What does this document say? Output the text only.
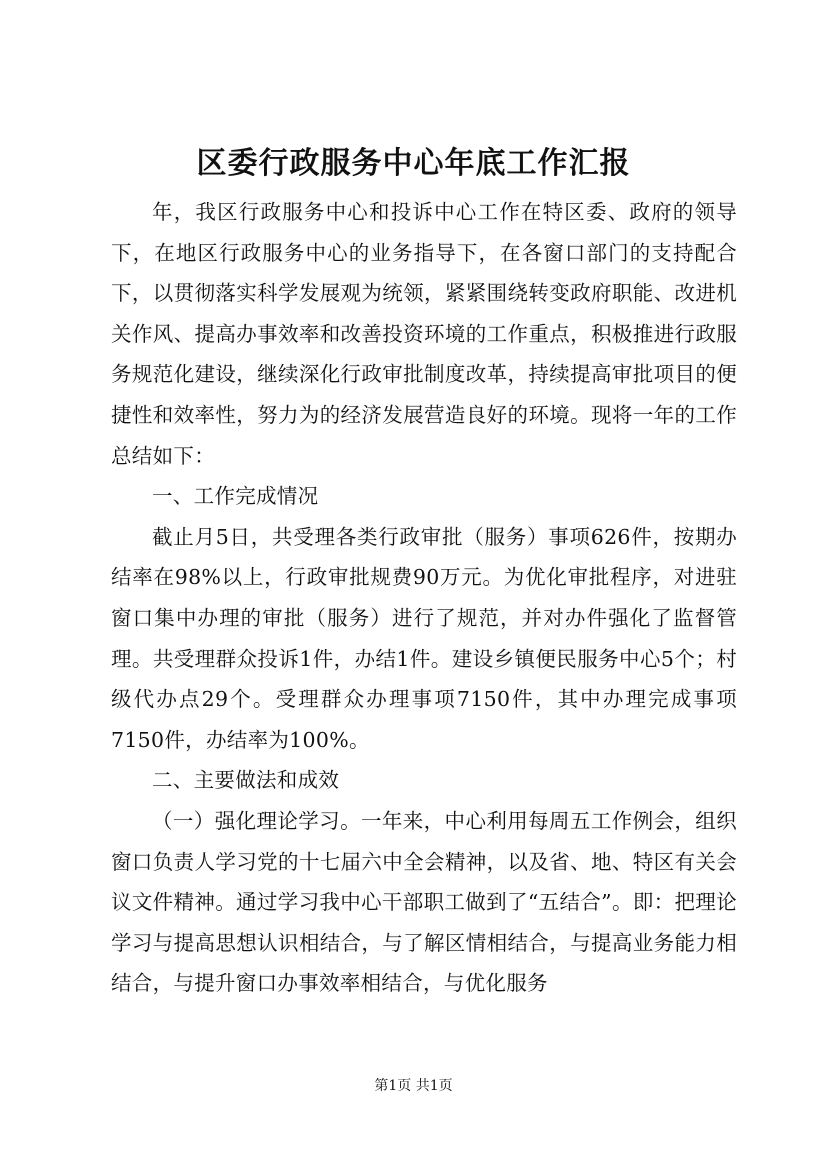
区委行政服务中心年底工作汇报

年，我区行政服务中心和投诉中心工作在特区委、政府的领导下，在地区行政服务中心的业务指导下，在各窗口部门的支持配合下，以贯彻落实科学发展观为统领，紧紧围绕转变政府职能、改进机关作风、提高办事效率和改善投资环境的工作重点，积极推进行政服务规范化建设，继续深化行政审批制度改革，持续提高审批项目的便捷性和效率性，努力为的经济发展营造良好的环境。现将一年的工作总结如下：

一、工作完成情况

截止月5日，共受理各类行政审批（服务）事项626件，按期办结率在98%以上，行政审批规费90万元。为优化审批程序，对进驻窗口集中办理的审批（服务）进行了规范，并对办件强化了监督管理。共受理群众投诉1件，办结1件。建设乡镇便民服务中心5个；村级代办点29个。受理群众办理事项7150件，其中办理完成事项7150件，办结率为100%。

二、主要做法和成效

（一）强化理论学习。一年来，中心利用每周五工作例会，组织窗口负责人学习党的十七届六中全会精神，以及省、地、特区有关会议文件精神。通过学习我中心干部职工做到了“五结合”。即：把理论学习与提高思想认识相结合，与了解区情相结合，与提高业务能力相结合，与提升窗口办事效率相结合，与优化服务

第1页 共1页
